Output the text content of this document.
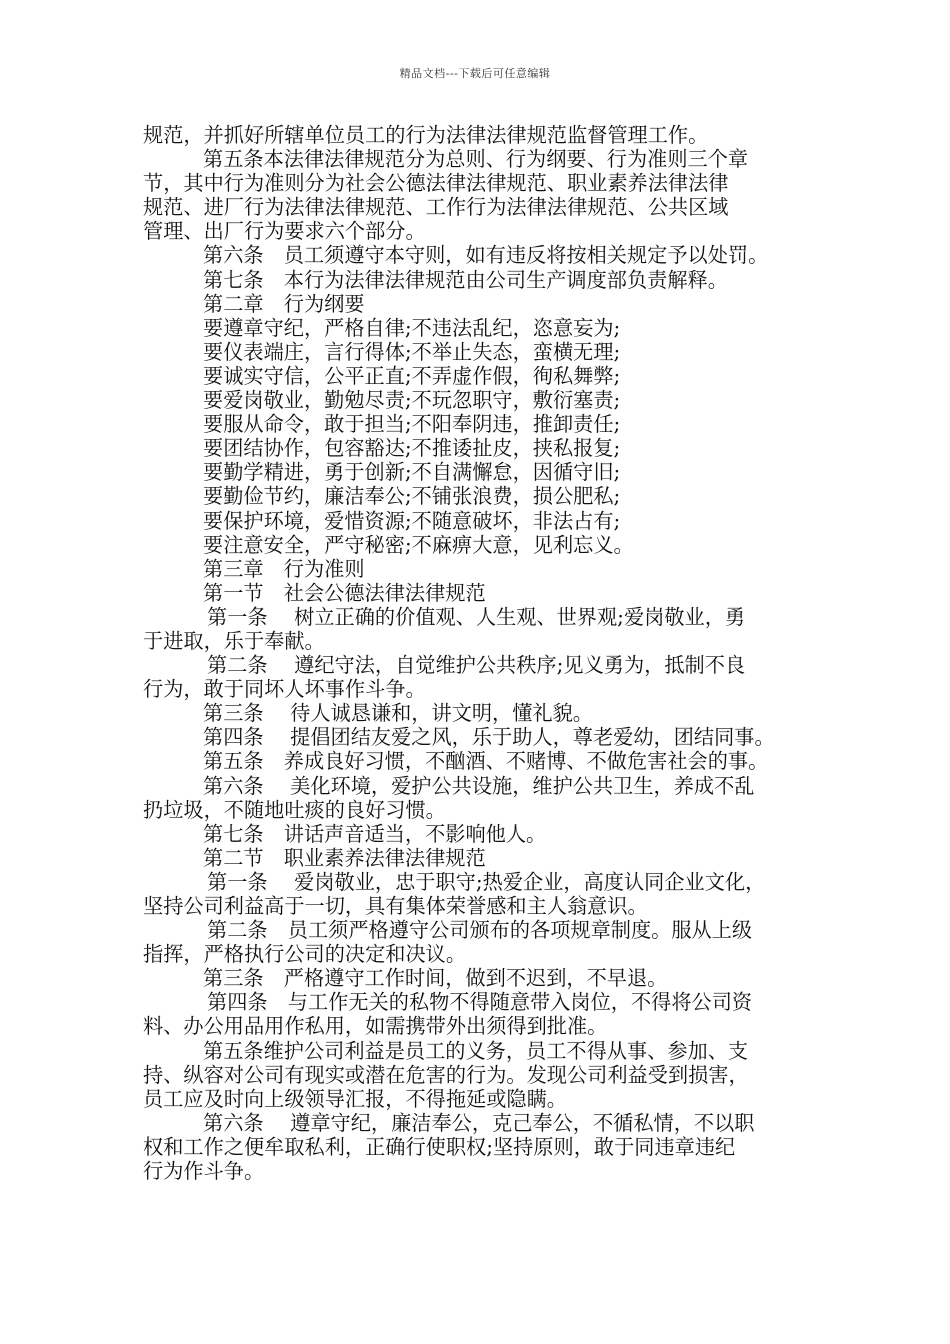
精品文档---下载后可任意编辑
规范，并抓好所辖单位员工的行为法律法律规范监督管理工作。
第五条本法律法律规范分为总则、行为纲要、行为准则三个章
节，其中行为准则分为社会公德法律法律规范、职业素养法律法律
规范、进厂行为法律法律规范、工作行为法律法律规范、公共区域
管理、出厂行为要求六个部分。
第六条　员工须遵守本守则，如有违反将按相关规定予以处罚。
第七条　本行为法律法律规范由公司生产调度部负责解释。
第二章　行为纲要
要遵章守纪，严格自律;不违法乱纪，恣意妄为;
要仪表端庄，言行得体;不举止失态，蛮横无理;
要诚实守信，公平正直;不弄虚作假，徇私舞弊;
要爱岗敬业，勤勉尽责;不玩忽职守，敷衍塞责;
要服从命令，敢于担当;不阳奉阴违，推卸责任;
要团结协作，包容豁达;不推诿扯皮，挟私报复;
要勤学精进，勇于创新;不自满懈怠，因循守旧;
要勤俭节约，廉洁奉公;不铺张浪费，损公肥私;
要保护环境，爱惜资源;不随意破坏，非法占有;
要注意安全，严守秘密;不麻痹大意，见利忘义。
第三章　行为准则
第一节　社会公德法律法律规范
第一条　 树立正确的价值观、人生观、世界观;爱岗敬业，勇
于进取，乐于奉献。
第二条　 遵纪守法，自觉维护公共秩序;见义勇为，抵制不良
行为，敢于同坏人坏事作斗争。
第三条　 待人诚恳谦和，讲文明，懂礼貌。
第四条　 提倡团结友爱之风，乐于助人，尊老爱幼，团结同事。
第五条　养成良好习惯，不酗酒、不赌博、不做危害社会的事。
第六条　 美化环境，爱护公共设施，维护公共卫生，养成不乱
扔垃圾，不随地吐痰的良好习惯。
第七条　讲话声音适当，不影响他人。
第二节　职业素养法律法律规范
第一条　 爱岗敬业，忠于职守;热爱企业，高度认同企业文化，
坚持公司利益高于一切，具有集体荣誉感和主人翁意识。
第二条　员工须严格遵守公司颁布的各项规章制度。服从上级
指挥，严格执行公司的决定和决议。
第三条　严格遵守工作时间，做到不迟到，不早退。
第四条　与工作无关的私物不得随意带入岗位，不得将公司资
料、办公用品用作私用，如需携带外出须得到批准。
第五条维护公司利益是员工的义务，员工不得从事、参加、支
持、纵容对公司有现实或潜在危害的行为。发现公司利益受到损害，
员工应及时向上级领导汇报，不得拖延或隐瞒。
第六条　 遵章守纪，廉洁奉公，克己奉公，不循私情，不以职
权和工作之便牟取私利，正确行使职权;坚持原则，敢于同违章违纪
行为作斗争。
